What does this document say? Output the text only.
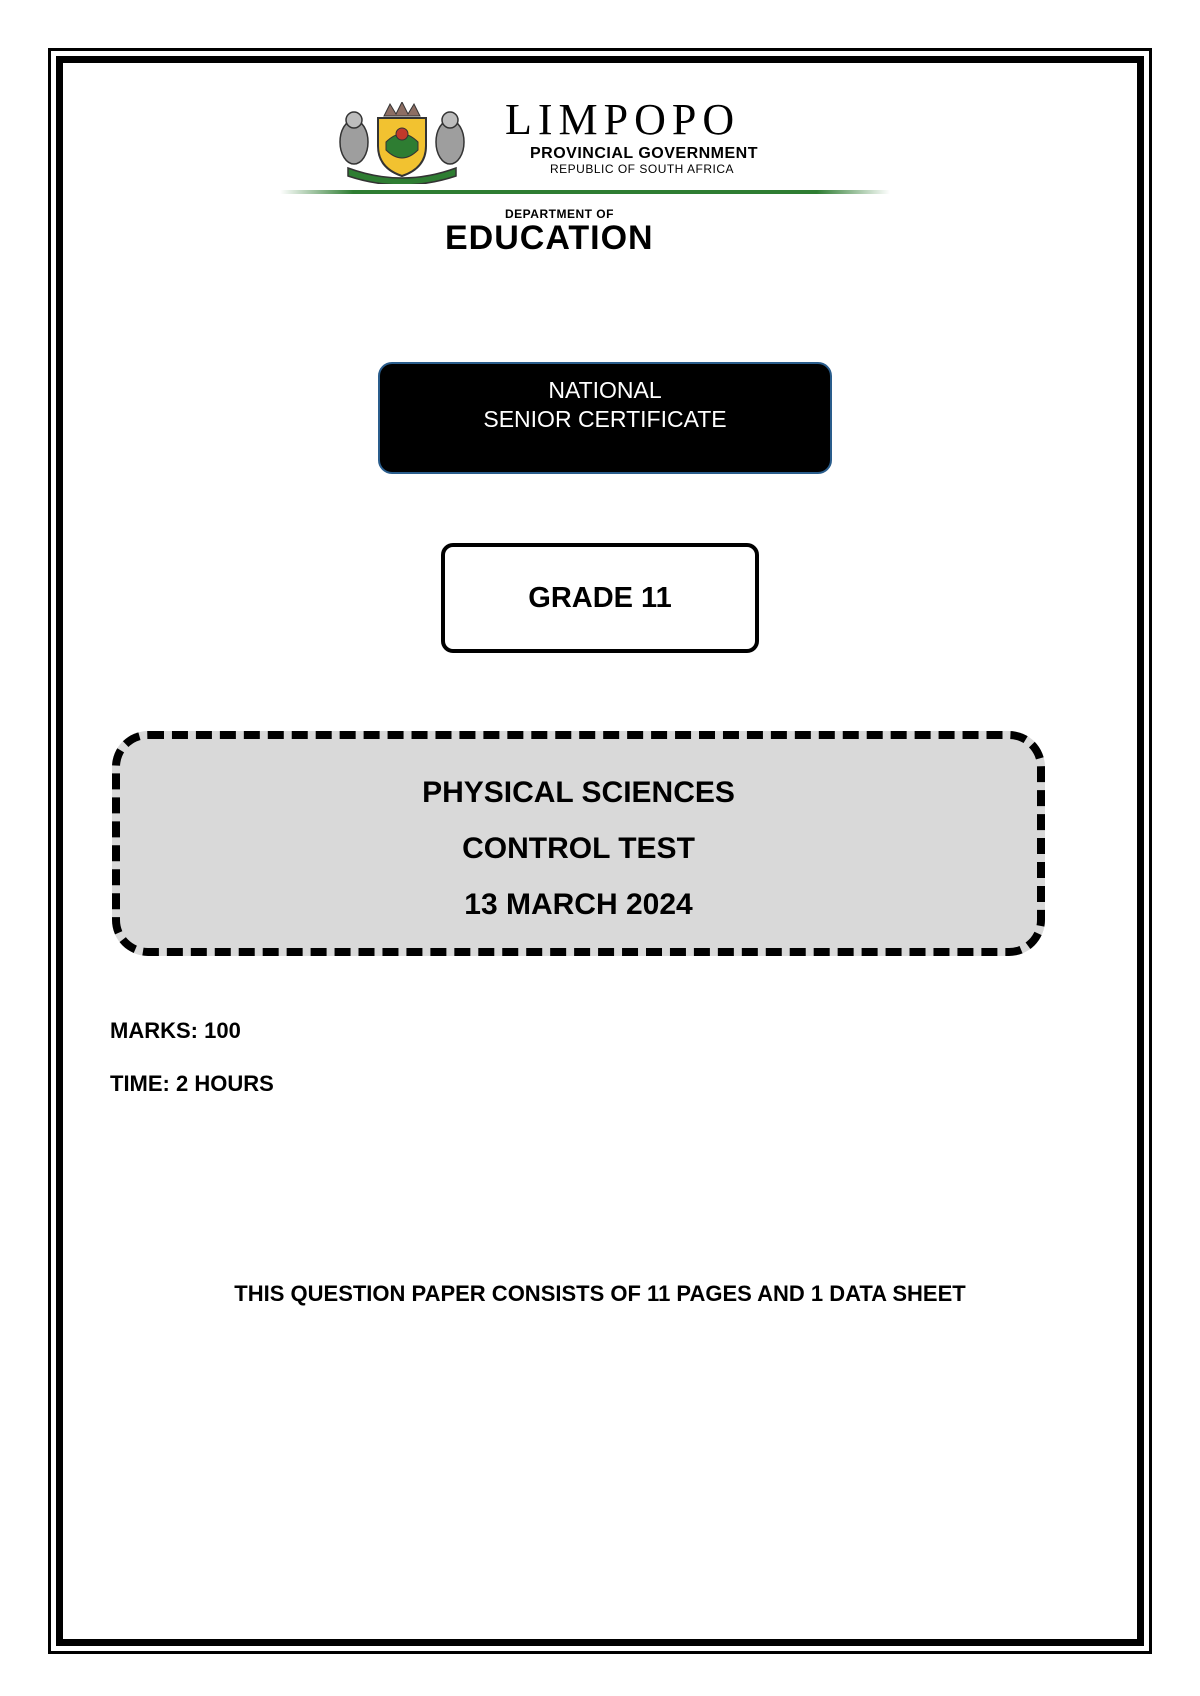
LIMPOPO
PROVINCIAL GOVERNMENT
REPUBLIC OF SOUTH AFRICA
DEPARTMENT OF
EDUCATION
NATIONAL
SENIOR CERTIFICATE
GRADE 11
PHYSICAL SCIENCES
CONTROL TEST
13 MARCH 2024
MARKS: 100
TIME: 2 HOURS
THIS QUESTION PAPER CONSISTS OF 11 PAGES AND 1 DATA SHEET
